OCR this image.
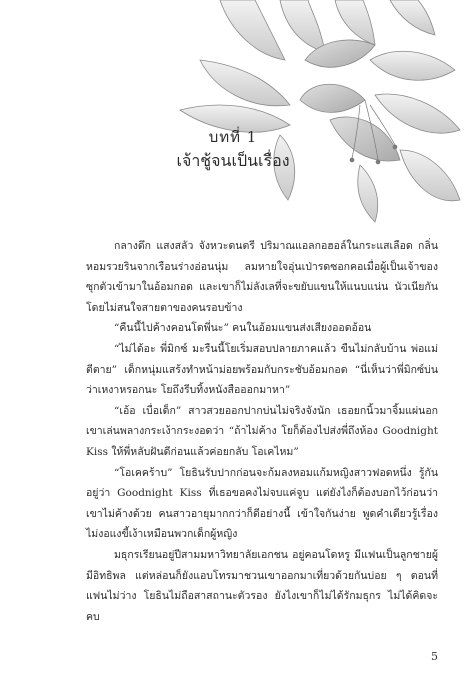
บทที่ 1
เจ้าชู้จนเป็นเรื่อง

กลางดึก แสงสลัว จังหวะดนตรี ปริมาณแอลกอฮอล์ในกระแสเลือด กลิ่นหอมรวยรินจากเรือนร่างอ่อนนุ่ม ลมหายใจอุ่นเป่ารดซอกคอเมื่อผู้เป็นเจ้าของซุกตัวเข้ามาในอ้อมกอด และเขาก็ไม่ลังเลที่จะขยับแขนให้แนบแน่น นัวเนียกันโดยไม่สนใจสายตาของคนรอบข้าง

“คืนนี้ไปค้างคอนโดพี่นะ” คนในอ้อมแขนส่งเสียงออดอ้อน

“ไม่ได้อะ พี่มิกซ์ มะรืนนี้โยเริ่มสอบปลายภาคแล้ว ขืนไม่กลับบ้าน พ่อแม่ตีตาย” เด็กหนุ่มแสร้งทำหน้าม่อยพร้อมกับกระชับอ้อมกอด “นี่เห็นว่าพี่มิกซ์บ่นว่าเหงาหรอกนะ โยถึงรีบทิ้งหนังสือออกมาหา”

“เอ้อ เบื่อเด็ก” สาวสวยออกปากบ่นไม่จริงจังนัก เธอยกนิ้วมาจิ้มแผ่นอกเขาเล่นพลางกระเง้ากระงอดว่า “ถ้าไม่ค้าง โยก็ต้องไปส่งพี่ถึงห้อง Goodnight Kiss ให้พี่หลับฝันดีก่อนแล้วค่อยกลับ โอเคไหม”

“โอเคคร้าบ” โยธินรับปากก่อนจะก้มลงหอมแก้มหญิงสาวฟอดหนึ่ง รู้กันอยู่ว่า Goodnight Kiss ที่เธอขอคงไม่จบแค่จูบ แต่ยังไงก็ต้องบอกไว้ก่อนว่าเขาไม่ค้างด้วย คนสาวอายุมากกว่าก็ดีอย่างนี้ เข้าใจกันง่าย พูดคำเดียวรู้เรื่อง ไม่งอแงขี้เง้าเหมือนพวกเด็กผู้หญิง

มธุกรเรียนอยู่ปีสามมหาวิทยาลัยเอกชน อยู่คอนโดหรู มีแฟนเป็นลูกชายผู้มีอิทธิพล แต่หล่อนก็ยังแอบโทรมาชวนเขาออกมาเที่ยวด้วยกันบ่อย ๆ ตอนที่แฟนไม่ว่าง โยธินไม่ถือสาสถานะตัวรอง ยังไงเขาก็ไม่ได้รักมธุกร ไม่ได้คิดจะคบ

5
